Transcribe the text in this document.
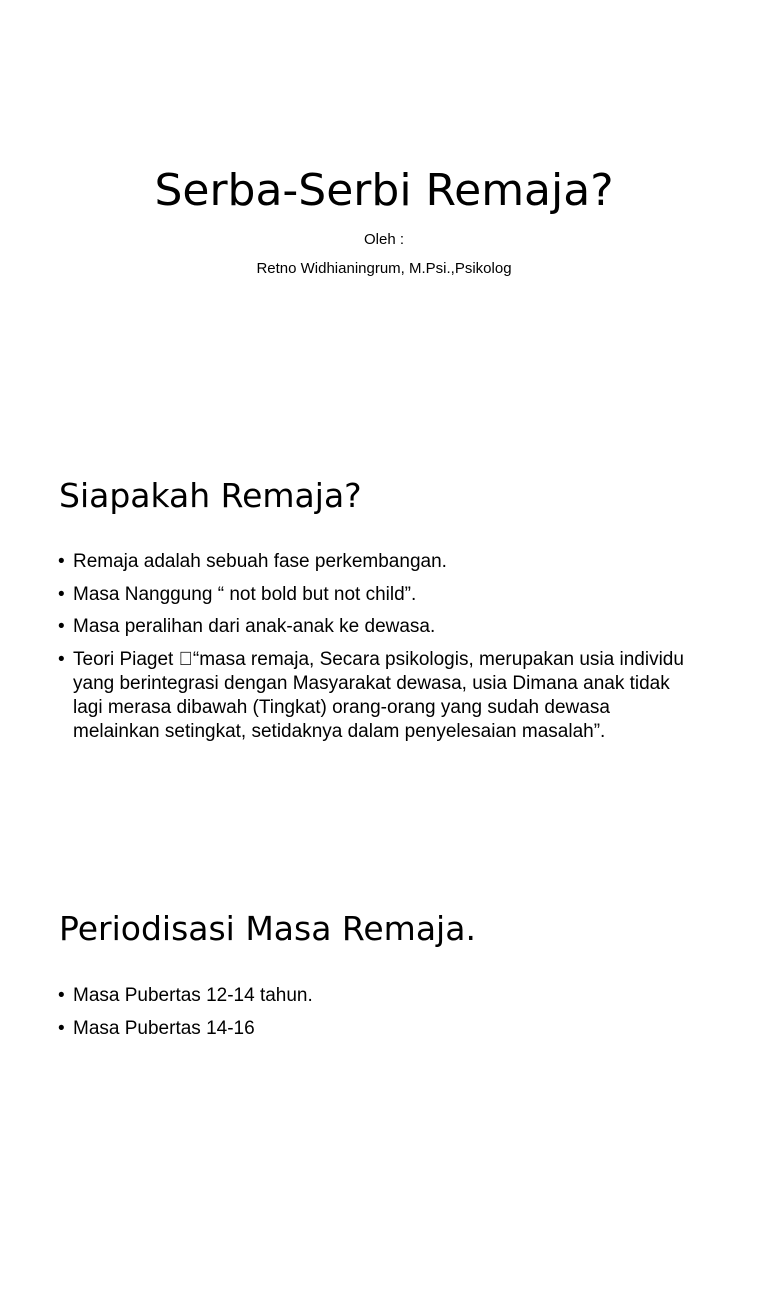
Serba-Serbi Remaja?

Oleh :

Retno Widhianingrum, M.Psi.,Psikolog

Siapakah Remaja?
• Remaja adalah sebuah fase perkembangan.
• Masa Nanggung “ not bold but not child”.
• Masa peralihan dari anak-anak ke dewasa.
• Teori Piaget “masa remaja, Secara psikologis, merupakan usia individu yang berintegrasi dengan Masyarakat dewasa, usia Dimana anak tidak lagi merasa dibawah (Tingkat) orang-orang yang sudah dewasa melainkan setingkat, setidaknya dalam penyelesaian masalah”.
Periodisasi Masa Remaja.
• Masa Pubertas 12-14 tahun.
• Masa Pubertas 14-16
